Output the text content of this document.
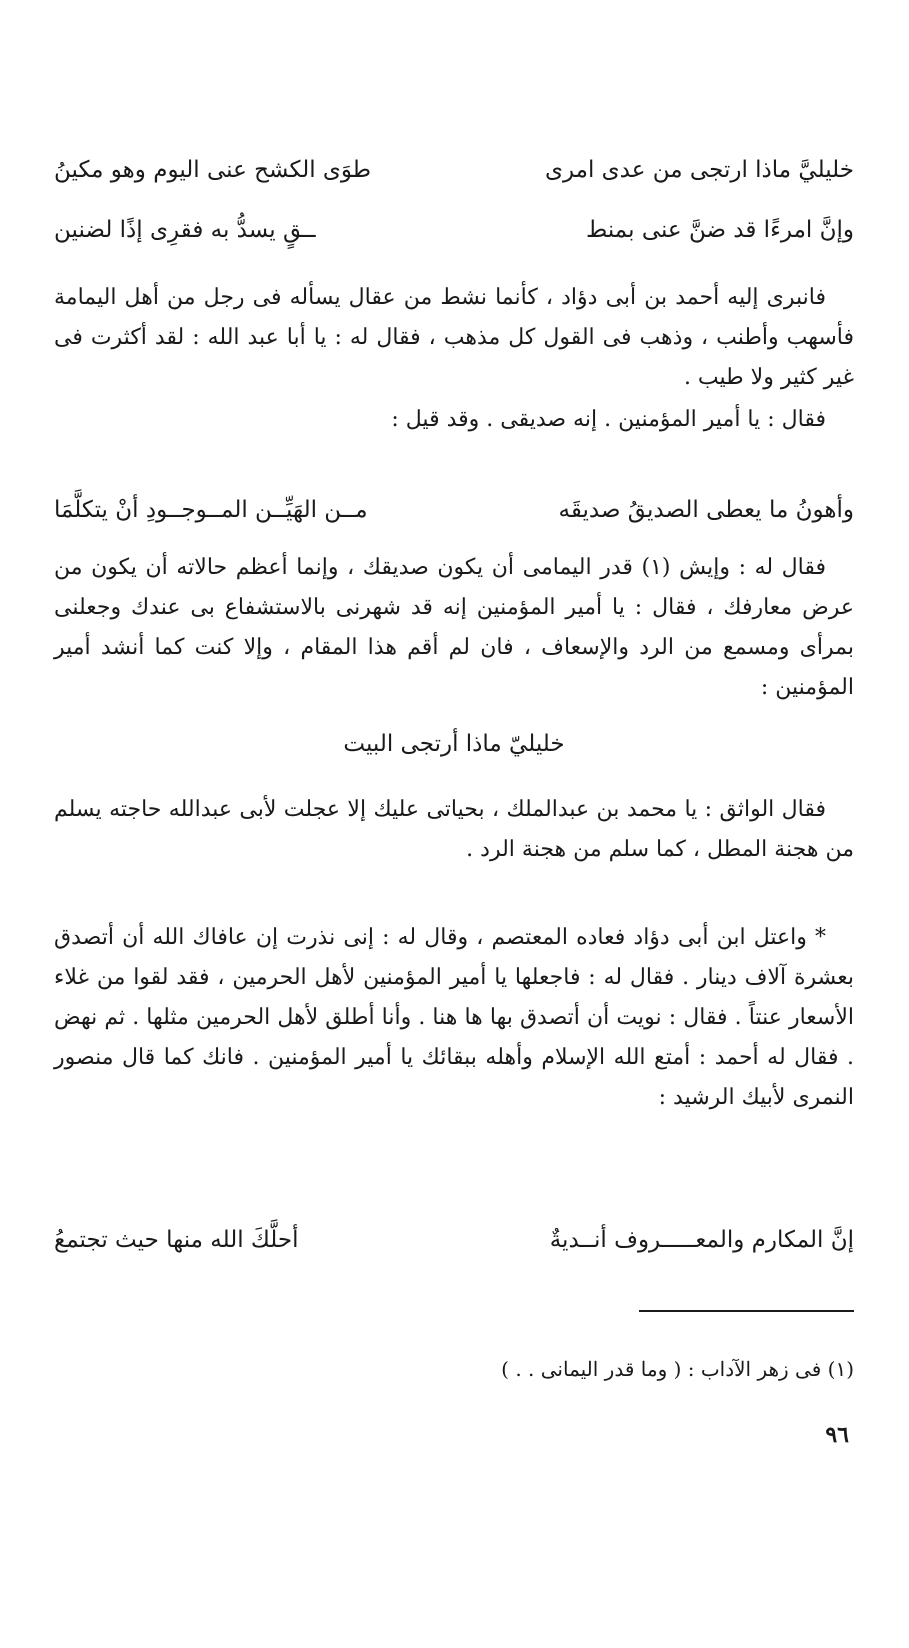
خليليَّ ماذا ارتجى من عدى امرى
طوَى الكشح عنى اليوم وهو مكينُ
وإنَّ امرءًا قد ضنَّ عنى بمنط
ــقٍ يسدُّ به فقرِى إذًا لضنين

فانبرى إليه أحمد بن أبى دؤاد ، كأنما نشط من عقال يسأله فى رجل من أهل اليمامة فأسهب وأطنب ، وذهب فى القول كل مذهب ، فقال له : يا أبا عبد الله : لقد أكثرت فى غير كثير ولا طيب .

فقال : يا أمير المؤمنين . إنه صديقى . وقد قيل :

وأهونُ ما يعطى الصديقُ صديقَه
مــن الهَيِّــن المــوجــودِ أنْ يتكلَّمَا

فقال له : وإيش (١) قدر اليمامى أن يكون صديقك ، وإنما أعظم حالاته أن يكون من عرض معارفك ، فقال : يا أمير المؤمنين إنه قد شهرنى بالاستشفاع بى عندك وجعلنى بمرأى ومسمع من الرد والإسعاف ، فان لم أقم هذا المقام ، وإلا كنت كما أنشد أمير المؤمنين :

خليليّ ماذا أرتجى البيت

فقال الواثق : يا محمد بن عبدالملك ، بحياتى عليك إلا عجلت لأبى عبدالله حاجته يسلم من هجنة المطل ، كما سلم من هجنة الرد .

* واعتل ابن أبى دؤاد فعاده المعتصم ، وقال له : إنى نذرت إن عافاك الله أن أتصدق بعشرة آلاف دينار . فقال له : فاجعلها يا أمير المؤمنين لأهل الحرمين ، فقد لقوا من غلاء الأسعار عنتاً . فقال : نويت أن أتصدق بها ها هنا . وأنا أطلق لأهل الحرمين مثلها . ثم نهض . فقال له أحمد : أمتع الله الإسلام وأهله ببقائك يا أمير المؤمنين . فانك كما قال منصور النمرى لأبيك الرشيد :

إنَّ المكارم والمعـــــروف أنــديةٌ
أحلَّكَ الله منها حيث تجتمعُ
(١) فى زهر الآداب : ( وما قدر اليمانى . . )
٩٦
